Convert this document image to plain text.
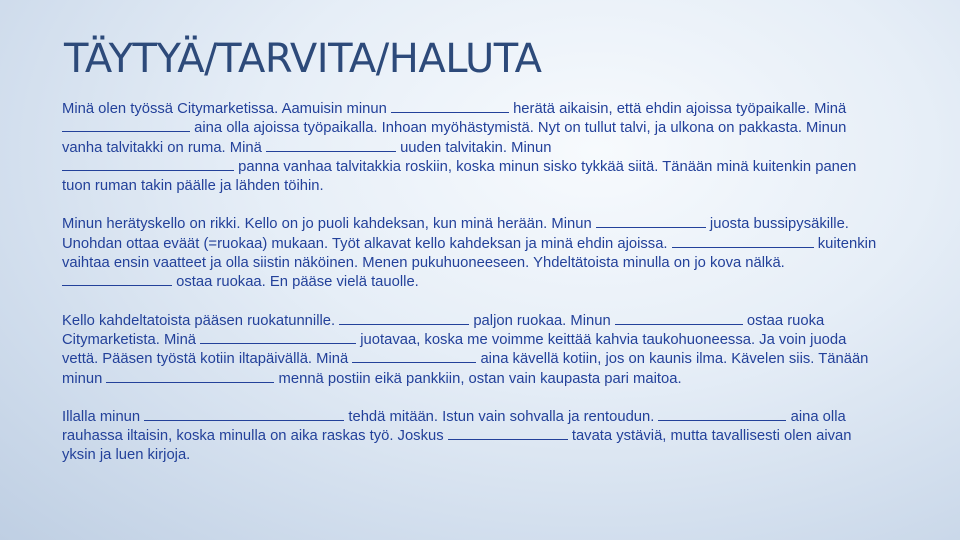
TÄYTYÄ/TARVITA/HALUTA

Minä olen työssä Citymarketissa. Aamuisin minun	herätä aikaisin, että ehdin ajoissa työpaikalle. Minä  aina olla ajoissa työpaikalla. Inhoan myöhästymistä. Nyt on tullut talvi, ja ulkona on pakkasta. Minun vanha talvitakki on ruma. Minä	uuden talvitakin. Minun
panna vanhaa talvitakkia roskiin, koska minun sisko tykkää siitä. Tänään minä kuitenkin panen tuon ruman takin päälle ja lähden töihin.

Minun herätyskello on rikki. Kello on jo puoli kahdeksan, kun minä herään. Minun	juosta bussipysäkille. Unohdan ottaa eväät (=ruokaa) mukaan. Työt alkavat kello kahdeksan ja minä ehdin ajoissa.	kuitenkin vaihtaa ensin vaatteet ja olla siistin näköinen. Menen pukuhuoneeseen. Yhdeltätoista minulla on jo kova nälkä.  ostaa ruokaa. En pääse vielä tauolle.

Kello kahdeltatoista pääsen ruokatunnille.	paljon ruokaa. Minun	ostaa ruoka Citymarketista. Minä	juotavaa, koska me voimme keittää kahvia taukohuoneessa. Ja voin juoda vettä. Pääsen työstä kotiin iltapäivällä. Minä	aina kävellä kotiin, jos on kaunis ilma. Kävelen siis. Tänään minun	mennä postiin eikä pankkiin, ostan vain kaupasta pari maitoa.

Illalla minun	tehdä mitään. Istun vain sohvalla ja rentoudun.	aina olla rauhassa iltaisin, koska minulla on aika raskas työ. Joskus	tavata ystäviä, mutta tavallisesti olen aivan yksin ja luen kirjoja.
